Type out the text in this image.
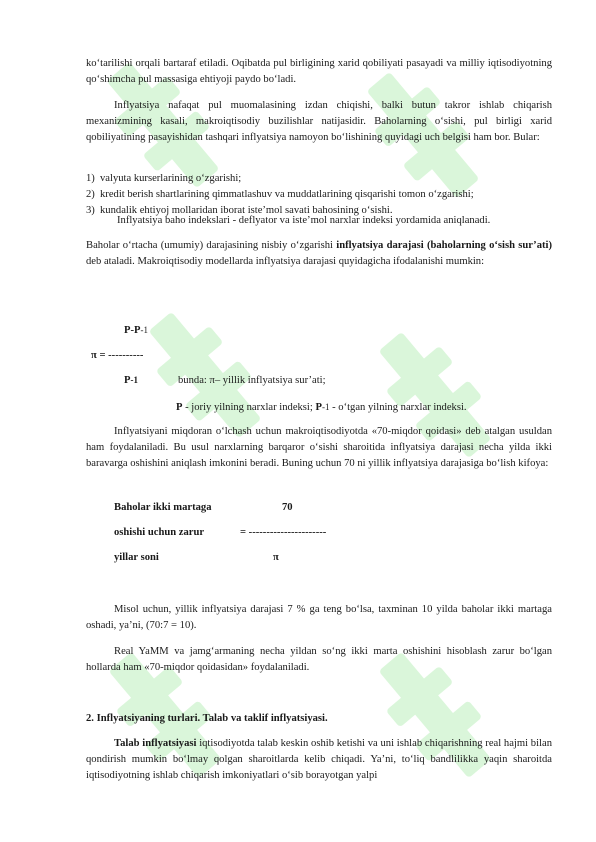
ko‘tarilishi orqali bartaraf etiladi. Oqibatda pul birligining xarid qobiliyati pasayadi va milliy iqtisodiyotning qo‘shimcha pul massasiga ehtiyoji paydo bo‘ladi.
Inflyatsiya nafaqat pul muomalasining izdan chiqishi, balki butun takror ishlab chiqarish mexanizmining kasali, makroiqtisodiy buzilishlar natijasidir. Baholarning o‘sishi, pul birligi xarid qobiliyatining pasayishidan tashqari inflyatsiya namoyon bo‘lishining quyidagi uch belgisi ham bor. Bular:
1) valyuta kurserlarining o‘zgarishi;
2) kredit berish shartlarining qimmatlashuv va muddatlarining qisqarishi tomon o‘zgarishi;
3) kundalik ehtiyoj mollaridan iborat iste’mol savati bahosining o‘sishi.
Inflyatsiya baho indekslari - deflyator va iste’mol narxlar indeksi yordamida aniqlanadi.
Baholar o‘rtacha (umumiy) darajasining nisbiy o‘zgarishi inflyatsiya darajasi (baholarning o‘sish sur’ati) deb ataladi. Makroiqtisodiy modellarda inflyatsiya darajasi quyidagicha ifodalanishi mumkin:
P-P-1
π = ----------
P-1	bunda: π– yillik inflyatsiya sur’ati;
P - joriy yilning narxlar indeksi; P-1 - o‘tgan yilning narxlar indeksi.
Inflyatsiyani miqdoran o‘lchash uchun makroiqtisodiyotda «70-miqdor qoidasi» deb atalgan usuldan ham foydalaniladi. Bu usul narxlarning barqaror o‘sishi sharoitida inflyatsiya darajasi necha yilda ikki baravarga oshishini aniqlash imkonini beradi. Buning uchun 70 ni yillik inflyatsiya darajasiga bo‘lish kifoya:
Baholar ikki martaga	70
oshishi uchun zarur	= ----------------------
yillar soni	π
Misol uchun, yillik inflyatsiya darajasi 7 % ga teng bo‘lsa, taxminan 10 yilda baholar ikki martaga oshadi, ya’ni, (70:7 = 10).
Real YaMM va jamg‘armaning necha yildan so‘ng ikki marta oshishini hisoblash zarur bo‘lgan hollarda ham «70-miqdor qoidasidan» foydalaniladi.
2. Inflyatsiyaning turlari. Talab va taklif inflyatsiyasi.
Talab inflyatsiyasi iqtisodiyotda talab keskin oshib ketishi va uni ishlab chiqarishning real hajmi bilan qondirish mumkin bo‘lmay qolgan sharoitlarda kelib chiqadi. Ya’ni, to‘liq bandlilikka yaqin sharoitda iqtisodiyotning ishlab chiqarish imkoniyatlari o‘sib borayotgan yalpi
